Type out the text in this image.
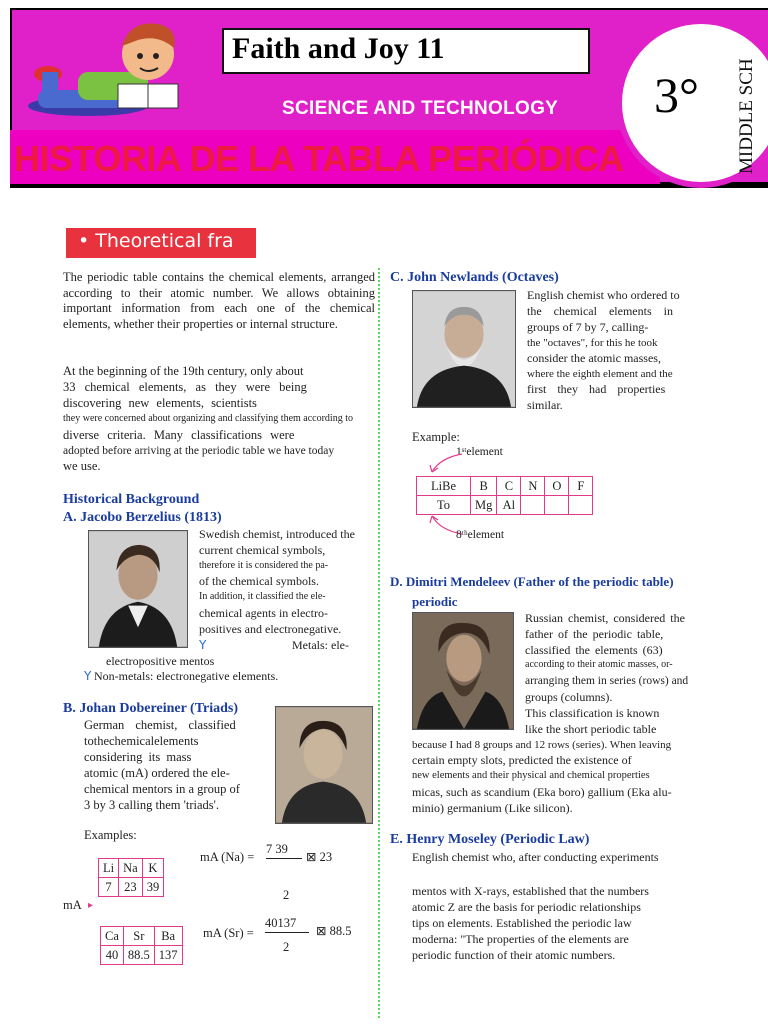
Faith and Joy 11
SCIENCE AND TECHNOLOGY 3° MIDDLE SCH
HISTORIA DE LA TABLA PERIÓDICA
• Theoretical fra
The periodic table contains the chemical elements, arranged according to their atomic number. We allows obtaining important information from each one of the chemical elements, whether their properties or internal structure.
At the beginning of the 19th century, only about
33 chemical elements, as they were being
discovering new elements, scientists
they were concerned about organizing and classifying them according to
diverse criteria. Many classifications were
adopted before arriving at the periodic table we have today
we use.
Historical Background
A. Jacobo Berzelius (1813)
Swedish chemist, introduced the
current chemical symbols,
therefore it is considered the pa-
of the chemical symbols.
In addition, it classified the ele-
chemical agents in electro-
positives and electronegative.
Y	Metals: ele-
electropositive mentos
Y Non-metals: electronegative elements.
B. Johan Dobereiner (Triads)
German chemist, classified
tothechemicalelements
considering its mass
atomic (mA) ordered the ele-
chemical mentors in a group of
3 by 3 calling them 'triads'.
Examples:
Li	Na	K
7	23	39
mA ▸
Ca	Sr	Ba
40	88.5	137
mA (Na) =
7 39
⊠ 23
2
mA (Sr) =
40137
⊠ 88.5
2
C. John Newlands (Octaves)
English chemist who ordered to
the chemical elements in
groups of 7 by 7, calling-
the "octaves", for this he took
consider the atomic masses,
where the eighth element and the
first they had properties
similar.
Example:
1ˢᵗelement
LiBe	B	C	N	O	F
To	Mg	Al			
8ᵗʰelement
D. Dimitri Mendeleev (Father of the periodic table)
periodic
Russian chemist, considered the
father of the periodic table,
classified the elements (63)
according to their atomic masses, or-
arranging them in series (rows) and
groups (columns).
This classification is known
like the short periodic table
because I had 8 groups and 12 rows (series). When leaving
certain empty slots, predicted the existence of
new elements and their physical and chemical properties
micas, such as scandium (Eka boro) gallium (Eka alu-
minio) germanium (Like silicon).
E. Henry Moseley (Periodic Law)
English chemist who, after conducting experiments
mentos with X-rays, established that the numbers
atomic Z are the basis for periodic relationships
tips on elements. Established the periodic law
moderna: "The properties of the elements are
periodic function of their atomic numbers.
